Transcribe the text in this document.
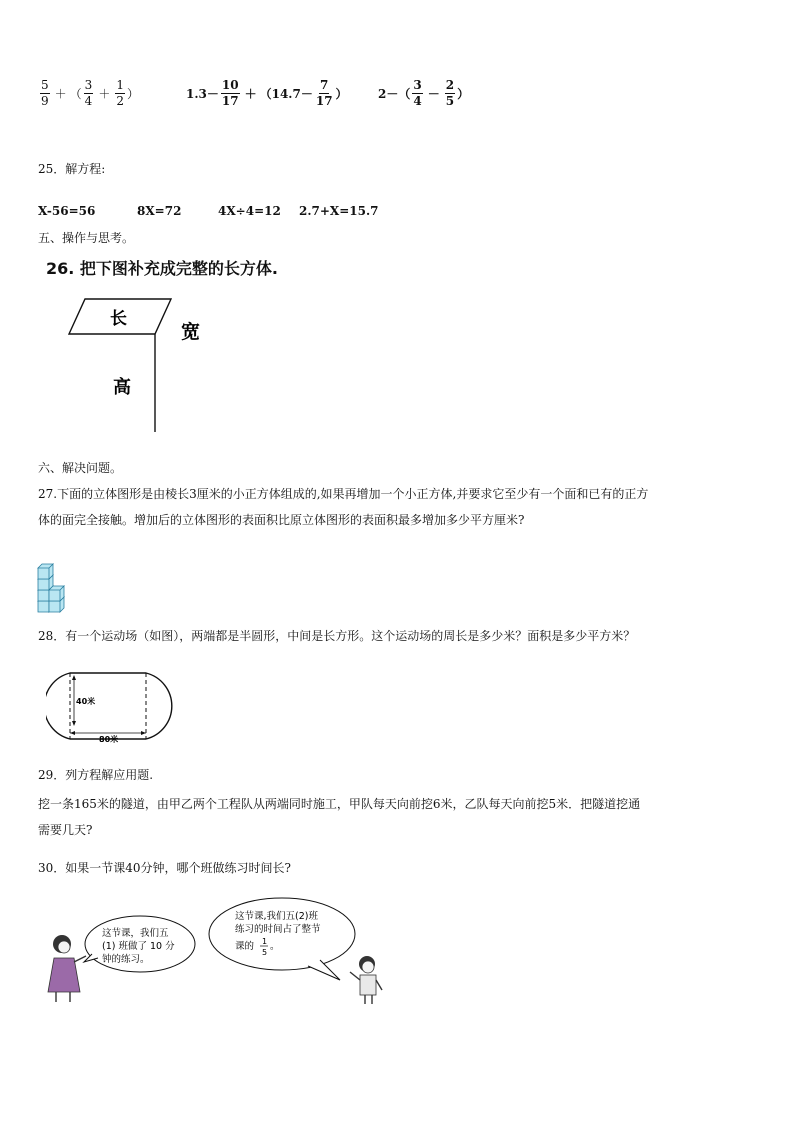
$\frac{5}{9}$ ＋ （ $\frac{3}{4} + \frac{1}{2}$ ）	$1.3- \frac{10}{17} + (14.7- \frac{7}{17}$ ）	2－ （ $\frac{3}{4} - \frac{2}{5}$ ）
25．解方程:
X-56=56	8X=72	4X÷4=12 2.7+X=15.7
五、操作与思考。
26. 把下图补充成完整的长方体.
长
宽
高
六、解决问题。
27.下面的立体图形是由棱长3厘米的小正方体组成的,如果再增加一个小正方体,并要求它至少有一个面和已有的正方
体的面完全接触。增加后的立体图形的表面积比原立体图形的表面积最多增加多少平方厘米?
28．有一个运动场（如图），两端都是半圆形，中间是长方形。这个运动场的周长是多少米？面积是多少平方米？
40米
80米
29．列方程解应用题.
挖一条165米的隧道，由甲乙两个工程队从两端同时施工，甲队每天向前挖6米，乙队每天向前挖5米．把隧道挖通
需要几天?
30．如果一节课40分钟，哪个班做练习时间长?
这节课，我们五
(1) 班做了 10 分
钟的练习。
这节课,我们五(2)班
练习的时间占了整节
课的 1
5
。
